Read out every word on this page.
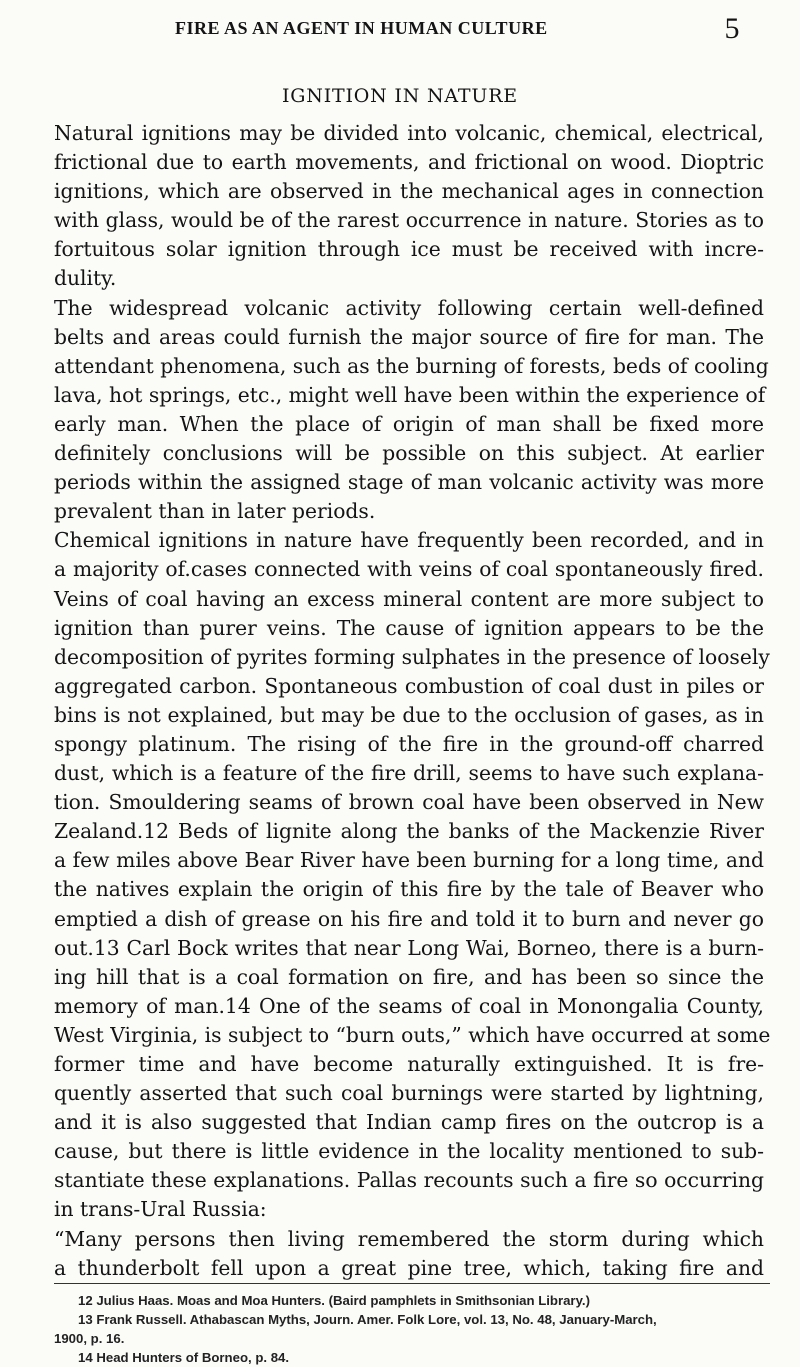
FIRE AS AN AGENT IN HUMAN CULTURE	5
IGNITION IN NATURE
Natural ignitions may be divided into volcanic, chemical, electrical,
frictional due to earth movements, and frictional on wood. Dioptric
ignitions, which are observed in the mechanical ages in connection
with glass, would be of the rarest occurrence in nature. Stories as to
fortuitous solar ignition through ice must be received with incre-
dulity.
The widespread volcanic activity following certain well-defined
belts and areas could furnish the major source of fire for man. The
attendant phenomena, such as the burning of forests, beds of cooling
lava, hot springs, etc., might well have been within the experience of
early man. When the place of origin of man shall be fixed more
definitely conclusions will be possible on this subject. At earlier
periods within the assigned stage of man volcanic activity was more
prevalent than in later periods.
Chemical ignitions in nature have frequently been recorded, and in
a majority of.cases connected with veins of coal spontaneously fired.
Veins of coal having an excess mineral content are more subject to
ignition than purer veins. The cause of ignition appears to be the
decomposition of pyrites forming sulphates in the presence of loosely
aggregated carbon. Spontaneous combustion of coal dust in piles or
bins is not explained, but may be due to the occlusion of gases, as in
spongy platinum. The rising of the fire in the ground-off charred
dust, which is a feature of the fire drill, seems to have such explana-
tion. Smouldering seams of brown coal have been observed in New
Zealand.12 Beds of lignite along the banks of the Mackenzie River
a few miles above Bear River have been burning for a long time, and
the natives explain the origin of this fire by the tale of Beaver who
emptied a dish of grease on his fire and told it to burn and never go
out.13 Carl Bock writes that near Long Wai, Borneo, there is a burn-
ing hill that is a coal formation on fire, and has been so since the
memory of man.14 One of the seams of coal in Monongalia County,
West Virginia, is subject to “burn outs,” which have occurred at some
former time and have become naturally extinguished. It is fre-
quently asserted that such coal burnings were started by lightning,
and it is also suggested that Indian camp fires on the outcrop is a
cause, but there is little evidence in the locality mentioned to sub-
stantiate these explanations. Pallas recounts such a fire so occurring
in trans-Ural Russia:
“Many persons then living remembered the storm during which
a thunderbolt fell upon a great pine tree, which, taking fire and
12 Julius Haas. Moas and Moa Hunters. (Baird pamphlets in Smithsonian Library.)
13 Frank Russell. Athabascan Myths, Journ. Amer. Folk Lore, vol. 13, No. 48, January-March,
1900, p. 16.
14 Head Hunters of Borneo, p. 84.
